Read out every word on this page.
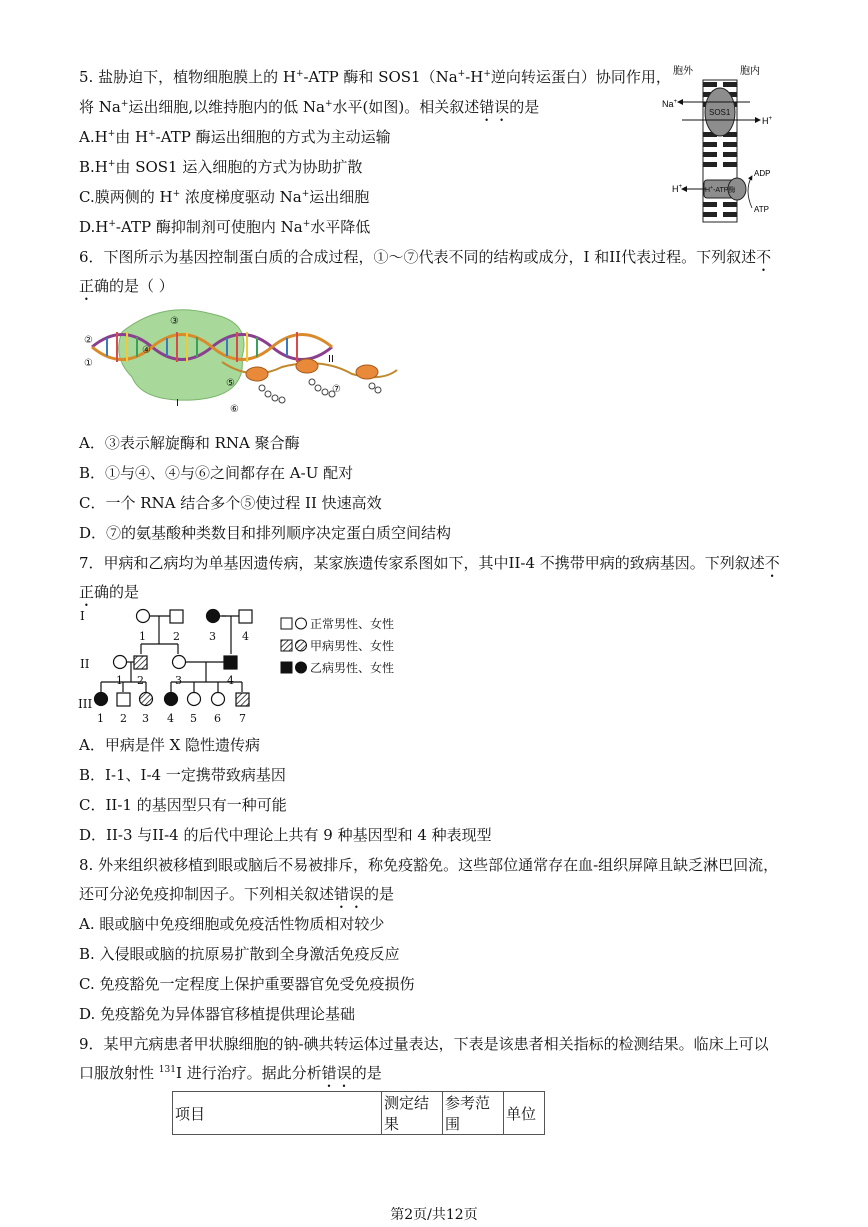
5. 盐胁迫下，植物细胞膜上的 H+-ATP 酶和 SOS1（Na+-H+逆向转运蛋白）协同作用，
将 Na+运出细胞,以维持胞内的低 Na+水平(如图)。相关叙述错误的是
A.H+由 H+-ATP 酶运出细胞的方式为主动运输
B.H+由 SOS1 运入细胞的方式为协助扩散
C.膜两侧的 H+ 浓度梯度驱动 Na+运出细胞
D.H+-ATP 酶抑制剂可使胞内 Na+水平降低
胞外	胞内
SOS1
Na+
H+
H+-ATP酶
H+
ADP
ATP
6．下图所示为基因控制蛋白质的合成过程，①～⑦代表不同的结构或成分，I 和II代表过程。下列叙述不
正确的是（ ）
②
③
④
⑤
⑥
⑦
①
I
II
A．③表示解旋酶和 RNA 聚合酶
B．①与④、④与⑥之间都存在 A-U 配对
C．一个 RNA 结合多个⑤使过程 II 快速高效
D．⑦的氨基酸种类数目和排列顺序决定蛋白质空间结构
7．甲病和乙病均为单基因遗传病，某家族遗传家系图如下，其中II-4 不携带甲病的致病基因。下列叙述不
正确的是
I
II
III
1 2	3 4
1 2	3	4
1 2 3 4 5 6 7
正常男性、女性
甲病男性、女性
乙病男性、女性
A．甲病是伴 X 隐性遗传病
B．I-1、I-4 一定携带致病基因
C．II-1 的基因型只有一种可能
D．II-3 与II-4 的后代中理论上共有 9 种基因型和 4 种表现型
8. 外来组织被移植到眼或脑后不易被排斥，称免疫豁免。这些部位通常存在血-组织屏障且缺乏淋巴回流，
还可分泌免疫抑制因子。下列相关叙述错误的是
A. 眼或脑中免疫细胞或免疫活性物质相对较少
B. 入侵眼或脑的抗原易扩散到全身激活免疫反应
C. 免疫豁免一定程度上保护重要器官免受免疫损伤
D. 免疫豁免为异体器官移植提供理论基础
9．某甲亢病患者甲状腺细胞的钠-碘共转运体过量表达，下表是该患者相关指标的检测结果。临床上可以
口服放射性 $^{131}$I 进行治疗。据此分析错误的是
项目	测定结果	参考范围	单位
第2页/共12页
